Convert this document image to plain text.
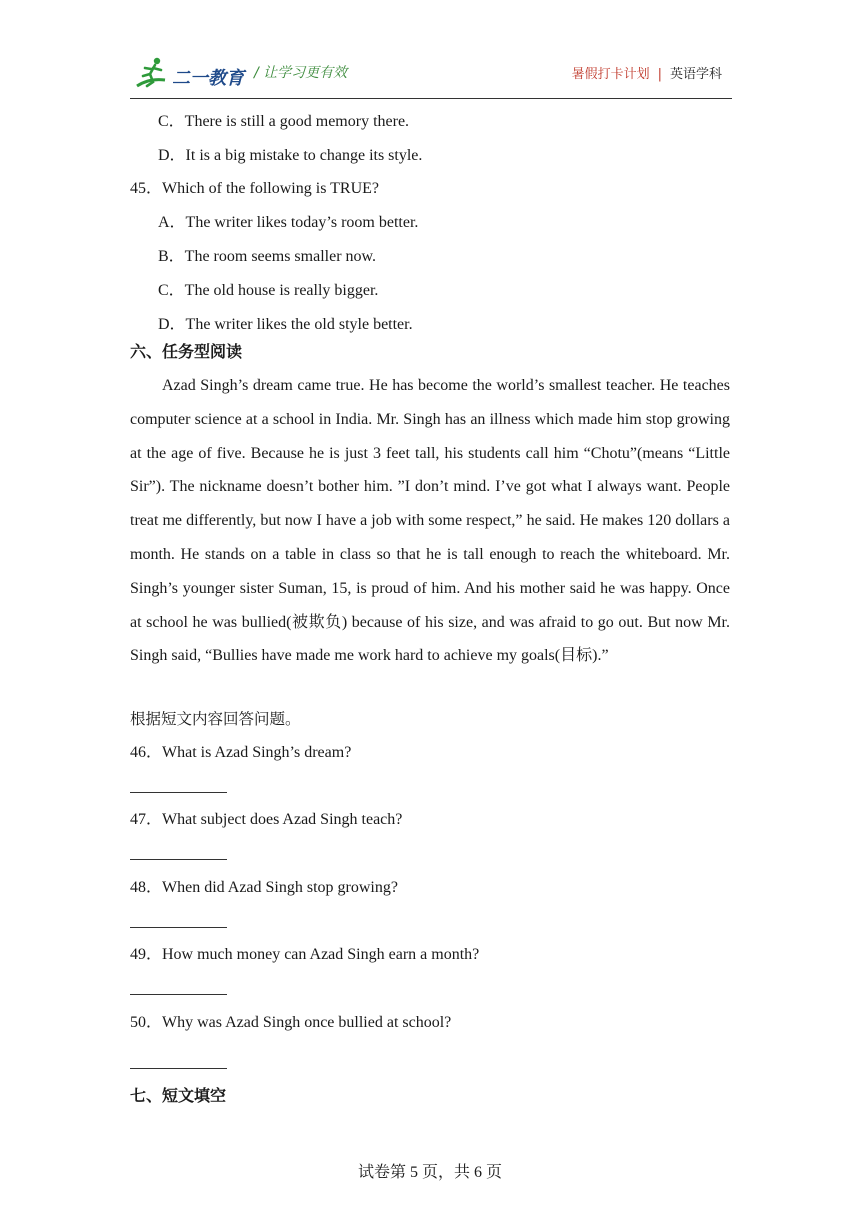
二一教育 / 让学习更有效	暑假打卡计划 | 英语学科
C．There is still a good memory there.
D．It is a big mistake to change its style.
45．Which of the following is TRUE?
A．The writer likes today’s room better.
B．The room seems smaller now.
C．The old house is really bigger.
D．The writer likes the old style better.
六、任务型阅读
Azad Singh’s dream came true. He has become the world’s smallest teacher. He teaches computer science at a school in India. Mr. Singh has an illness which made him stop growing at the age of five. Because he is just 3 feet tall, his students call him “Chotu”(means “Little Sir”). The nickname doesn’t bother him. ”I don’t mind. I’ve got what I always want. People treat me differently, but now I have a job with some respect,” he said. He makes 120 dollars a month. He stands on a table in class so that he is tall enough to reach the whiteboard. Mr. Singh’s younger sister Suman, 15, is proud of him. And his mother said he was happy. Once at school he was bullied(被欺负) because of his size, and was afraid to go out. But now Mr. Singh said, “Bullies have made me work hard to achieve my goals(目标).”
根据短文内容回答问题。
46．What is Azad Singh’s dream?
47．What subject does Azad Singh teach?
48．When did Azad Singh stop growing?
49．How much money can Azad Singh earn a month?
50．Why was Azad Singh once bullied at school?
七、短文填空
试卷第 5 页，共 6 页
